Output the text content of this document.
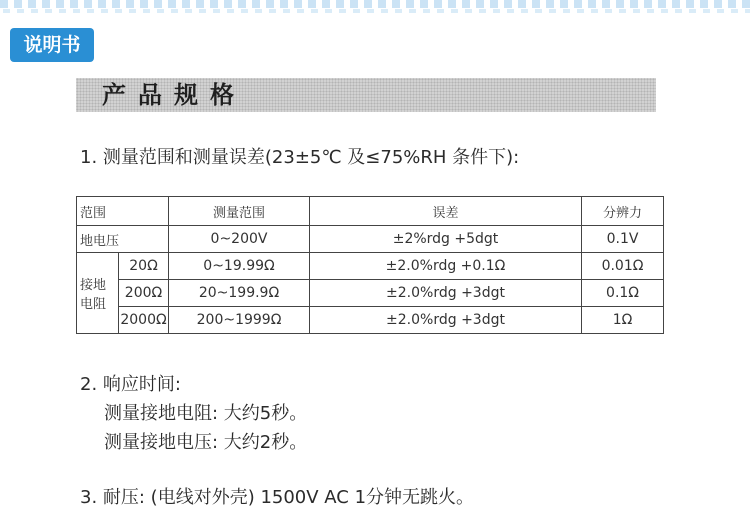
说明书
产品规格
1. 测量范围和测量误差(23±5℃ 及≤75%RH 条件下):
范围		测量范围	误差	分辨力
地电压		0~200V	±2%rdg +5dgt	0.1V
接地
电阻	20Ω	0~19.99Ω	±2.0%rdg +0.1Ω	0.01Ω
	200Ω	20~199.9Ω	±2.0%rdg +3dgt	0.1Ω
	2000Ω	200~1999Ω	±2.0%rdg +3dgt	1Ω
2. 响应时间:
测量接地电阻: 大约5秒。
测量接地电压: 大约2秒。
3. 耐压: (电线对外壳) 1500V AC 1分钟无跳火。
